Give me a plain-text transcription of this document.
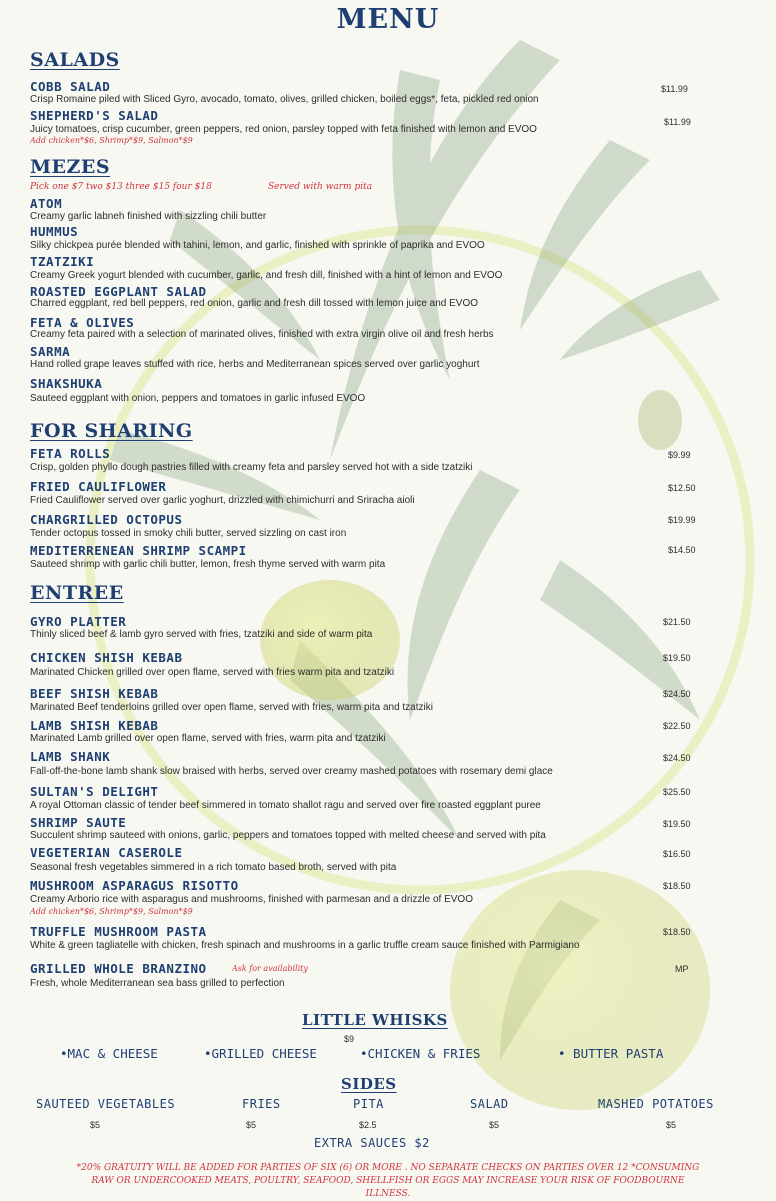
MENU
SALADS
COBB SALAD
Crisp Romaine piled with Sliced Gyro, avocado, tomato, olives, grilled chicken, boiled eggs*, feta, pickled red onion
$11.99
SHEPHERD'S SALAD
Juicy tomatoes, crisp cucumber, green peppers, red onion, parsley topped with feta finished with lemon and EVOO
$11.99
Add chicken*$6, Shrimp*$9, Salmon*$9
MEZES
Pick one $7 two $13 three $15 four $18	Served with warm pita
ATOM
Creamy garlic labneh finished with sizzling chili butter
HUMMUS
Silky chickpea purée blended with tahini, lemon, and garlic, finished with sprinkle of paprika and EVOO
TZATZIKI
Creamy Greek yogurt blended with cucumber, garlic, and fresh dill, finished with a hint of lemon and EVOO
ROASTED EGGPLANT SALAD
Charred eggplant, red bell peppers, red onion, garlic and fresh dill tossed with lemon juice and EVOO
FETA & OLIVES
Creamy feta paired with a selection of marinated olives, finished with extra virgin olive oil and fresh herbs
SARMA
Hand rolled grape leaves stuffed with rice, herbs and Mediterranean spices served over garlic yoghurt
SHAKSHUKA
Sauteed eggplant with onion, peppers and tomatoes in garlic infused EVOO
FOR SHARING
FETA ROLLS
Crisp, golden phyllo dough pastries filled with creamy feta and parsley served hot with a side tzatziki
$9.99
FRIED CAULIFLOWER
Fried Cauliflower served over garlic yoghurt, drizzled with chimichurri and Sriracha aioli
$12.50
CHARGRILLED OCTOPUS
Tender octopus tossed in smoky chili butter, served sizzling on cast iron
$19.99
MEDITERRENEAN SHRIMP SCAMPI
Sauteed shrimp with garlic chili butter, lemon, fresh thyme served with warm pita
$14.50
ENTREE
GYRO PLATTER
Thinly sliced beef & lamb gyro served with fries, tzatziki and side of warm pita
$21.50
CHICKEN SHISH KEBAB
Marinated Chicken grilled over open flame, served with fries warm pita and tzatziki
$19.50
BEEF SHISH KEBAB
Marinated Beef tenderloins grilled over open flame, served with fries, warm pita and tzatziki
$24.50
LAMB SHISH KEBAB
Marinated Lamb grilled over open flame, served with fries, warm pita and tzatziki
$22.50
LAMB SHANK
Fall-off-the-bone lamb shank slow braised with herbs, served over creamy mashed potatoes with rosemary demi glace
$24.50
SULTAN'S DELIGHT
A royal Ottoman classic of tender beef simmered in tomato shallot ragu and served over fire roasted eggplant puree
$25.50
SHRIMP SAUTE
Succulent shrimp sauteed with onions, garlic, peppers and tomatoes topped with melted cheese and served with pita
$19.50
VEGETERIAN CASEROLE
Seasonal fresh vegetables simmered in a rich tomato based broth, served with pita
$16.50
MUSHROOM ASPARAGUS RISOTTO
Creamy Arborio rice with asparagus and mushrooms, finished with parmesan and a drizzle of EVOO
Add chicken*$6, Shrimp*$9, Salmon*$9
$18.50
TRUFFLE MUSHROOM PASTA
White & green tagliatelle with chicken, fresh spinach and mushrooms in a garlic truffle cream sauce finished with Parmigiano
$18.50
GRILLED WHOLE BRANZINO	Ask for availability
Fresh, whole Mediterranean sea bass grilled to perfection
MP
LITTLE WHISKS
$9
•MAC & CHEESE	•GRILLED CHEESE	•CHICKEN & FRIES	• BUTTER PASTA
SIDES
SAUTEED VEGETABLES	FRIES	PITA	SALAD	MASHED POTATOES
$5	$5	$2.5	$5	$5
EXTRA SAUCES $2
*20% GRATUITY WILL BE ADDED FOR PARTIES OF SIX (6) OR MORE . NO SEPARATE CHECKS ON PARTIES OVER 12 *CONSUMING RAW OR UNDERCOOKED MEATS, POULTRY, SEAFOOD, SHELLFISH OR EGGS MAY INCREASE YOUR RISK OF FOODBOURNE ILLNESS.
